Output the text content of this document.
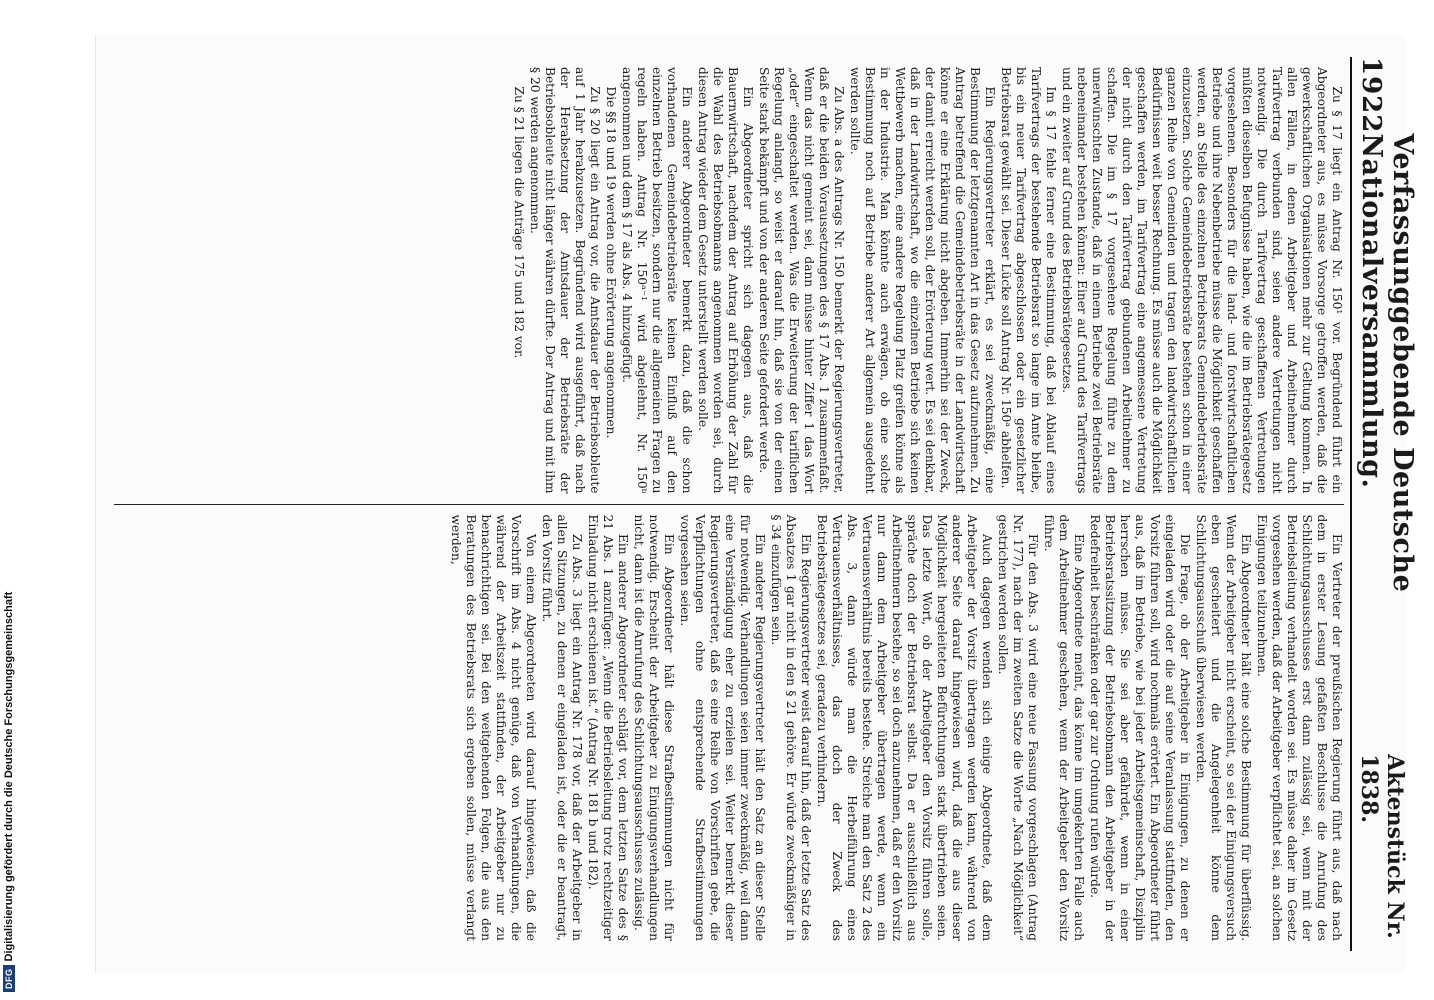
DFG
Digitalisierung gefördert durch die Deutsche Forschungsgemeinschaft
1922
Verfassunggebende Deutsche Nationalversammlung.
Aktenstück Nr. 1838.

Zu § 17 liegt ein Antrag Nr. 150¹ vor. Begründend führt ein Abgeordneter aus, es müsse Vorsorge getroffen werden, daß die gewerkschaftlichen Organisationen mehr zur Geltung kommen. In allen Fällen, in denen Arbeitgeber und Arbeitnehmer durch Tarifvertrag verbunden sind, seien andere Vertretungen nicht notwendig. Die durch Tarifvertrag geschaffenen Vertretungen müßten dieselben Befugnisse haben, wie die im Betriebsrätegesetz vorgesehenen. Besonders für die land- und forstwirtschaftlichen Betriebe und ihre Nebenbetriebe müsse die Möglichkeit geschaffen werden, an Stelle des einzelnen Betriebsrats Gemeindebetriebsräte einzusetzen. Solche Gemeindebetriebsräte bestehen schon in einer ganzen Reihe von Gemeinden und tragen den landwirtschaftlichen Bedürfnissen weit besser Rechnung. Es müsse auch die Möglichkeit geschaffen werden, im Tarifvertrag eine angemessene Vertretung der nicht durch den Tarifvertrag gebundenen Arbeitnehmer zu schaffen. Die im § 17 vorgesehene Regelung führe zu dem unerwünschten Zustande, daß in einem Betriebe zwei Betriebsräte nebeneinander bestehen können: Einer auf Grund des Tarifvertrags und ein zweiter auf Grund des Betriebsrätegesetzes.

Im § 17 fehle ferner eine Bestimmung, daß bei Ablauf eines Tarifvertrags der bestehende Betriebsrat so lange im Amte bleibe, bis ein neuer Tarifvertrag abgeschlossen oder ein gesetzlicher Betriebsrat gewählt sei. Dieser Lücke soll Antrag Nr. 150ᵃ abhelfen.

Ein Regierungsvertreter erklärt, es sei zweckmäßig, eine Bestimmung der letztgenannten Art in das Gesetz aufzunehmen. Zu Antrag betreffend die Gemeindebetriebsräte in der Landwirtschaft könne er eine Erklärung nicht abgeben. Immerhin sei der Zweck, der damit erreicht werden soll, der Erörterung wert. Es sei denkbar, daß in der Landwirtschaft, wo die einzelnen Betriebe sich keinen Wettbewerb machen, eine andere Regelung Platz greifen könne als in der Industrie. Man könnte auch erwägen, ob eine solche Bestimmung noch auf Betriebe anderer Art allgemein ausgedehnt werden sollte.

Zu Abs. a des Antrags Nr. 150 bemerkt der Regierungsvertreter, daß er die beiden Voraussetzungen des § 17 Abs. 1 zusammenfaßt. Wenn das nicht gemeint sei, dann müsse hinter Ziffer 1 das Wort „oder“ eingeschaltet werden. Was die Erweiterung der tariflichen Regelung anlangt, so weist er darauf hin, daß sie von der einen Seite stark bekämpft und von der anderen Seite gefordert werde.

Ein Abgeordneter spricht sich dagegen aus, daß die Bauernwirtschaft, nachdem der Antrag auf Erhöhung der Zahl für die Wahl des Betriebsobmanns angenommen worden sei, durch diesen Antrag wieder dem Gesetz unterstellt werden solle.

Ein anderer Abgeordneter bemerkt dazu, daß die schon vorhandenen Gemeindebetriebsräte keinen Einfluß auf den einzelnen Betrieb besitzen, sondern nur die allgemeinen Fragen zu regeln haben. Antrag Nr. 150ᵃ⁻¹ wird abgelehnt, Nr. 150ᵇ angenommen und dem § 17 als Abs. 4 hinzugefügt.

Die §§ 18 und 19 werden ohne Erörterung angenommen.

Zu § 20 liegt ein Antrag vor, die Amtsdauer der Betriebsobleute auf 1 Jahr herabzusetzen. Begründend wird ausgeführt, daß nach der Herabsetzung der Amtsdauer der Betriebsräte der Betriebsobleute nicht länger währen dürfte. Der Antrag und mit ihm § 20 werden angenommen.

Zu § 21 liegen die Anträge 175 und 182 vor.

Ein Vertreter der preußischen Regierung führt aus, daß nach dem in erster Lesung gefaßten Beschlusse die Anrufung des Schlichtungsausschusses erst dann zulässig sei, wenn mit der Betriebsleitung verhandelt worden sei. Es müsse daher im Gesetz vorgesehen werden, daß der Arbeitgeber verpflichtet sei, an solchen Einigungen teilzunehmen.

Ein Abgeordneter hält eine solche Bestimmung für überflüssig. Wenn der Arbeitgeber nicht erscheint, so sei der Einigungsversuch eben gescheitert und die Angelegenheit könne dem Schlichtungsausschuß überwiesen werden.

Die Frage, ob der Arbeitgeber in Einigungen, zu denen er eingeladen wird oder die auf seine Veranlassung stattfinden, den Vorsitz führen soll, wird nochmals erörtert. Ein Abgeordneter führt aus, daß im Betriebe, wie bei jeder Arbeitsgemeinschaft, Disziplin herrschen müsse. Sie sei aber gefährdet, wenn in einer Betriebsratssitzung der Betriebsobmann den Arbeitgeber in der Redefreiheit beschränken oder gar zur Ordnung rufen würde.

Eine Abgeordnete meint, das könne im umgekehrten Falle auch dem Arbeitnehmer geschehen, wenn der Arbeitgeber den Vorsitz führe.

Für den Abs. 3 wird eine neue Fassung vorgeschlagen (Antrag Nr. 177), nach der im zweiten Satze die Worte „Nach Möglichkeit“ gestrichen werden sollen.

Auch dagegen wenden sich einige Abgeordnete, daß dem Arbeitgeber der Vorsitz übertragen werden kann, während von anderer Seite darauf hingewiesen wird, daß die aus dieser Möglichkeit hergeleiteten Befürchtungen stark übertrieben seien. Das letzte Wort, ob der Arbeitgeber den Vorsitz führen solle, spräche doch der Betriebsrat selbst. Da er ausschließlich aus Arbeitnehmern bestehe, so sei doch anzunehmen, daß er den Vorsitz nur dann dem Arbeitgeber übertragen werde, wenn ein Vertrauensverhältnis bereits bestehe. Streiche man den Satz 2 des Abs. 3, dann würde man die Herbeiführung eines Vertrauensverhältnisses, das doch der Zweck des Betriebsrätegesetzes sei, geradezu verhindern.

Ein Regierungsvertreter weist darauf hin, daß der letzte Satz des Absatzes 1 gar nicht in den § 21 gehöre. Er würde zweckmäßiger in § 34 einzufügen sein.

Ein anderer Regierungsvertreter hält den Satz an dieser Stelle für notwendig. Verhandlungen seien immer zweckmäßig, weil dann eine Verständigung eher zu erzielen sei. Weiter bemerkt dieser Regierungsvertreter, daß es eine Reihe von Vorschriften gebe, die Verpflichtungen ohne entsprechende Strafbestimmungen vorgesehen seien.

Ein Abgeordneter hält diese Strafbestimmungen nicht für notwendig. Erscheint der Arbeitgeber zu Einigungsverhandlungen nicht, dann ist die Anrufung des Schlichtungsausschusses zulässig.

Ein anderer Abgeordneter schlägt vor, dem letzten Satze des § 21 Abs. 1 anzufügen: „Wenn die Betriebsleitung trotz rechtzeitiger Einladung nicht erschienen ist.“ (Antrag Nr. 181 b und 182).

Zu Abs. 3 liegt ein Antrag Nr. 178 vor, daß der Arbeitgeber in allen Sitzungen, zu denen er eingeladen ist, oder die er beantragt, den Vorsitz führt.

Von einem Abgeordneten wird darauf hingewiesen, daß die Vorschrift im Abs. 4 nicht genüge, daß von Verhandlungen, die während der Arbeitszeit stattfinden, der Arbeitgeber nur zu benachrichtigen sei. Bei den weitgehenden Folgen, die aus den Beratungen des Betriebsrats sich ergeben sollen, müsse verlangt werden,
